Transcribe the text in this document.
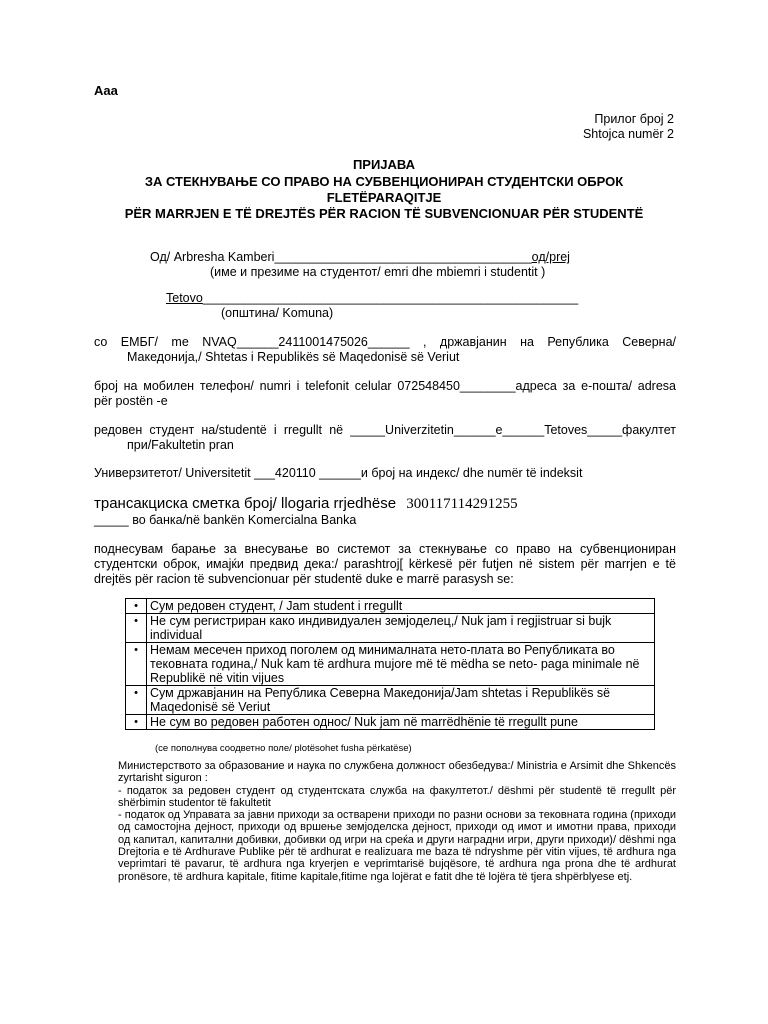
Aaa
Прилог број 2
Shtojca numër 2
ПРИЈАВА
ЗА СТЕКНУВАЊЕ СО ПРАВО НА СУБВЕНЦИОНИРАН СТУДЕНТСКИ ОБРОК
FLETËPARAQITJE
PËR MARRJEN E TË DREJTËS PËR RACION TË SUBVENCIONUAR PËR STUDENTË
Од/ Arbresha Kamberi_____________________________________од/prej
(име и презиме на студентот/ emri dhe mbiemri i studentit )
Tetovo______________________________________________________
(општина/ Komuna)
со ЕМБГ/ me NVAQ______2411001475026______ , државјанин на Република Северна/
Македонија,/ Shtetas i Republikës së Maqedonisë së Veriut
број на мобилен телефон/ numri i telefonit celular 072548450________адреса за е-пошта/ adresa
për postën -e
редовен студент на/studentë i rregullt në _____Univerzitetin______e______Tetoves_____факултет
при/Fakultetin pran
Универзитетот/ Universitetit ___420110 ______и број на индекс/ dhe numër të indeksit
трансакциска сметка број/ llogaria rrjedhëse 300117114291255
_____ во банка/në bankën Komercialna Banka
поднесувам барање за внесување во системот за стекнување со право на субвенциониран
студентски оброк, имајќи предвид дека:/ parashtroj[ kërkesë për futjen në sistem për marrjen e të
drejtës për racion të subvencionuar për studentë duke e marrë parasysh se:
•	Сум редовен студент, / Jam student i rregullt
•	Не сум регистриран како индивидуален земјоделец,/ Nuk jam i regjistruar si bujk individual
•	Немам месечен приход поголем од минималната нето-плата во Републиката во тековната година,/ Nuk kam të ardhura mujore më të mëdha se neto- paga minimale në Republikë në vitin vijues
•	Сум државјанин на Република Северна Македонија/Jam shtetas i Republikës së Maqedonisë së Veriut
•	Не сум во редовен работен однос/ Nuk jam në marrëdhënie të rregullt pune
(се пополнува соодветно поле/ plotësohet fusha përkatëse)
Министерството за образование и наука по службена должност обезбедува:/ Ministria e Arsimit dhe Shkencës zyrtarisht siguron :
- податок за редовен студент од студентската служба на факултетот./ dëshmi për studentë të rregullt për shërbimin studentor të fakultetit
- податок од Управата за јавни приходи за остварени приходи по разни основи за тековната година (приходи од самостојна дејност, приходи од вршење земјоделска дејност, приходи од имот и имотни права, приходи од капитал, капитални добивки, добивки од игри на среќа и други наградни игри, други приходи)/ dëshmi nga Drejtoria e të Ardhurave Publike për të ardhurat e realizuara me baza të ndryshme për vitin vijues, të ardhura nga veprimtari të pavarur, të ardhura nga kryerjen e veprimtarisë bujqësore, të ardhura nga prona dhe të ardhurat pronësore, të ardhura kapitale, fitime kapitale,fitime nga lojërat e fatit dhe të lojëra të tjera shpërblyese etj.
